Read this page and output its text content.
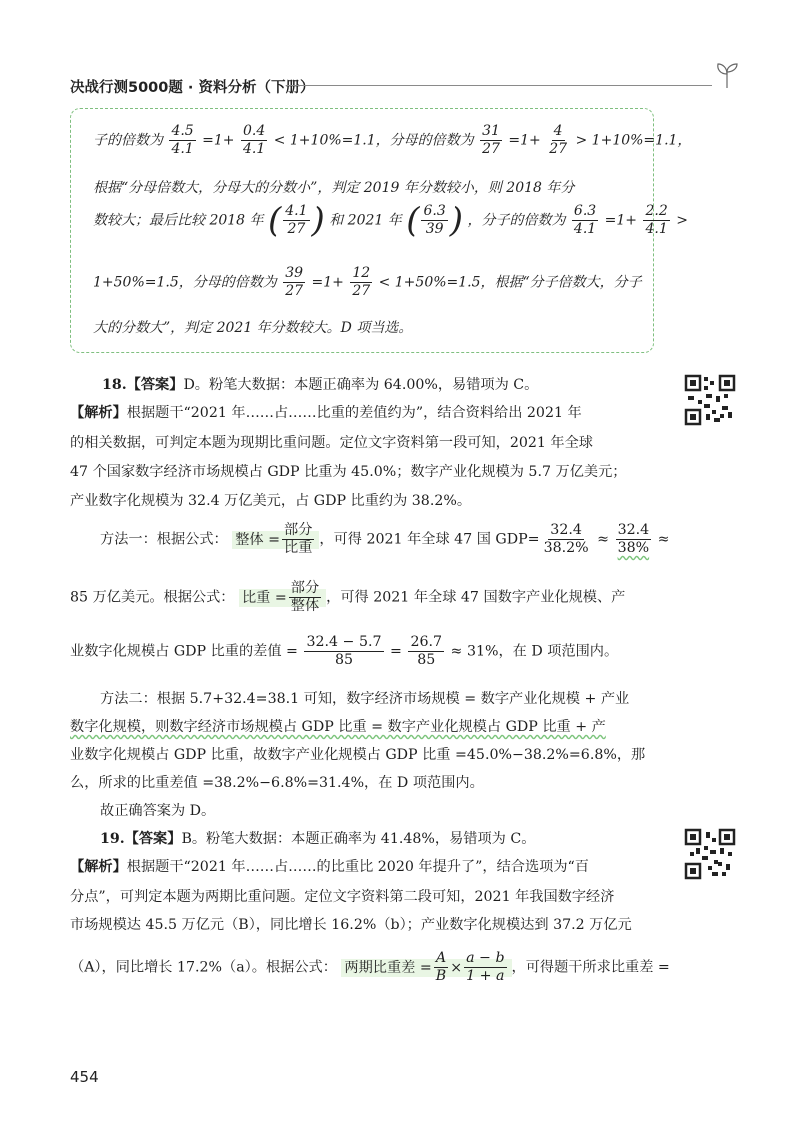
决战行测5000题 · 资料分析（下册）
子的倍数为 $\frac{4.5}{4.1} =1+ \frac{0.4}{4.1} < 1+10\%=1.1$，分母的倍数为 $\frac{31}{27} =1+ \frac{4}{27} > 1+10\%=1.1$，
根据“分母倍数大，分母大的分数小”，判定 2019 年分数较小，则 2018 年分
数较大；最后比较 2018 年 ( $\frac{4.1}{27}$ ) 和 2021 年 ( $\frac{6.3}{39}$ ) ，分子的倍数为 $\frac{6.3}{4.1} =1+ \frac{2.2}{4.1}$ >
1+50%=1.5，分母的倍数为 $\frac{39}{27} =1+ \frac{12}{27} < 1+50\%=1.5$，根据“分子倍数大，分子
大的分数大”，判定 2021 年分数较大。D 项当选。
18.【答案】D。粉笔大数据：本题正确率为 64.00%，易错项为 C。
【解析】根据题干“2021 年……占……比重的差值约为”，结合资料给出 2021 年
的相关数据，可判定本题为现期比重问题。定位文字资料第一段可知，2021 年全球
47 个国家数字经济市场规模占 GDP 比重为 45.0%；数字产业化规模为 5.7 万亿美元；
产业数字化规模为 32.4 万亿美元，占 GDP 比重约为 38.2%。
方法一：根据公式： 整体 =
部分
比重
，可得 2021 年全球 47 国 $GDP= \frac{32.4}{38.2\%} \approx \frac{32.4}{38\%}$ ≈
85 万亿美元。根据公式： 比重 =
部分
整体
，可得 2021 年全球 47 国数字产业化规模、产
业数字化规模占 GDP 比重的差值 = $\frac{32.4 - 5.7}{85} = \frac{26.7}{85} \approx 31\%$，在 D 项范围内。
方法二：根据 5.7+32.4=38.1 可知，数字经济市场规模 = 数字产业化规模 + 产业
数字化规模，则数字经济市场规模占 GDP 比重 = 数字产业化规模占 GDP 比重 + 产
业数字化规模占 GDP 比重，故数字产业化规模占 GDP 比重 =45.0%−38.2%=6.8%，那
么，所求的比重差值 =38.2%−6.8%=31.4%，在 D 项范围内。
故正确答案为 D。
19.【答案】B。粉笔大数据：本题正确率为 41.48%，易错项为 C。
【解析】根据题干“2021 年……占……的比重比 2020 年提升了”，结合选项为“百
分点”，可判定本题为两期比重问题。定位文字资料第二段可知，2021 年我国数字经济
市场规模达 45.5 万亿元（B），同比增长 16.2%（b）；产业数字化规模达到 37.2 万亿元
（A），同比增长 17.2%（a）。根据公式： 两期比重差 = $\frac{A}{B} \times \frac{a - b}{1 + a}$ ，可得题干所求比重差 =
454
